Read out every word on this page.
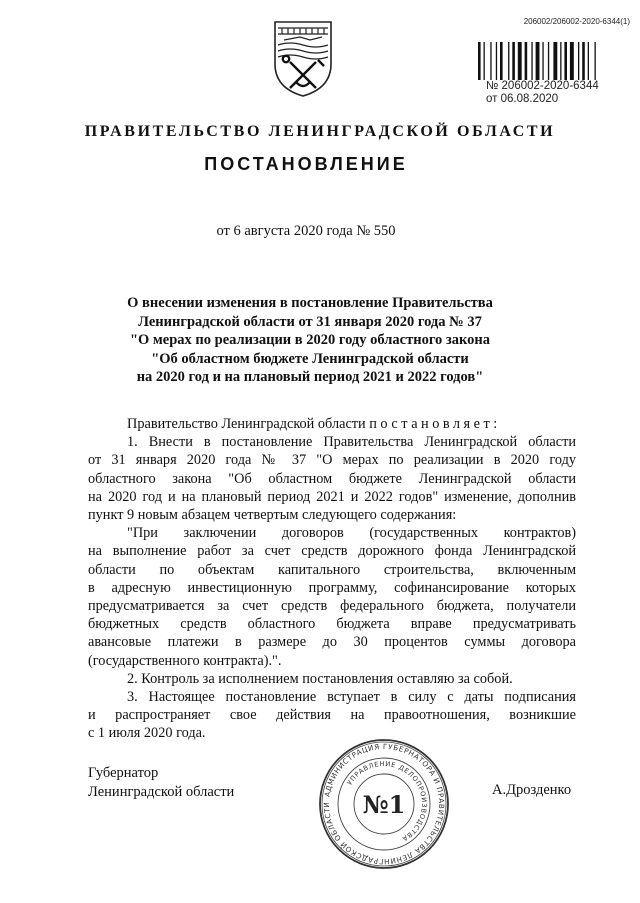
206002/206002-2020-6344(1)
№ 206002-2020-6344
от 06.08.2020
ПРАВИТЕЛЬСТВО ЛЕНИНГРАДСКОЙ ОБЛАСТИ
ПОСТАНОВЛЕНИЕ
от 6 августа 2020 года № 550
О внесении изменения в постановление Правительства
Ленинградской области от 31 января 2020 года № 37
"О мерах по реализации в 2020 году областного закона
"Об областном бюджете Ленинградской области
на 2020 год и на плановый период 2021 и 2022 годов"

Правительство Ленинградской области постановляет:

1. Внести в постановление Правительства Ленинградской области

от 31 января 2020 года № 37 "О мерах по реализации в 2020 году

областного закона "Об областном бюджете Ленинградской области

на 2020 год и на плановый период 2021 и 2022 годов" изменение, дополнив

пункт 9 новым абзацем четвертым следующего содержания:

"При заключении договоров (государственных контрактов)

на выполнение работ за счет средств дорожного фонда Ленинградской

области по объектам капитального строительства, включенным

в адресную инвестиционную программу, софинансирование которых

предусматривается за счет средств федерального бюджета, получатели

бюджетных средств областного бюджета вправе предусматривать

авансовые платежи в размере до 30 процентов суммы договора

(государственного контракта).".

2. Контроль за исполнением постановления оставляю за собой.

3. Настоящее постановление вступает в силу с даты подписания

и распространяет свое действия на правоотношения, возникшие

с 1 июля 2020 года.

Губернатор
Ленинградской области	А.Дрозденко
АДМИНИСТРАЦИЯ ГУБЕРНАТОРА И ПРАВИТЕЛЬСТВА ЛЕНИНГРАДСКОЙ ОБЛАСТИ
УПРАВЛЕНИЕ ДЕЛОПРОИЗВОДСТВА
№1
